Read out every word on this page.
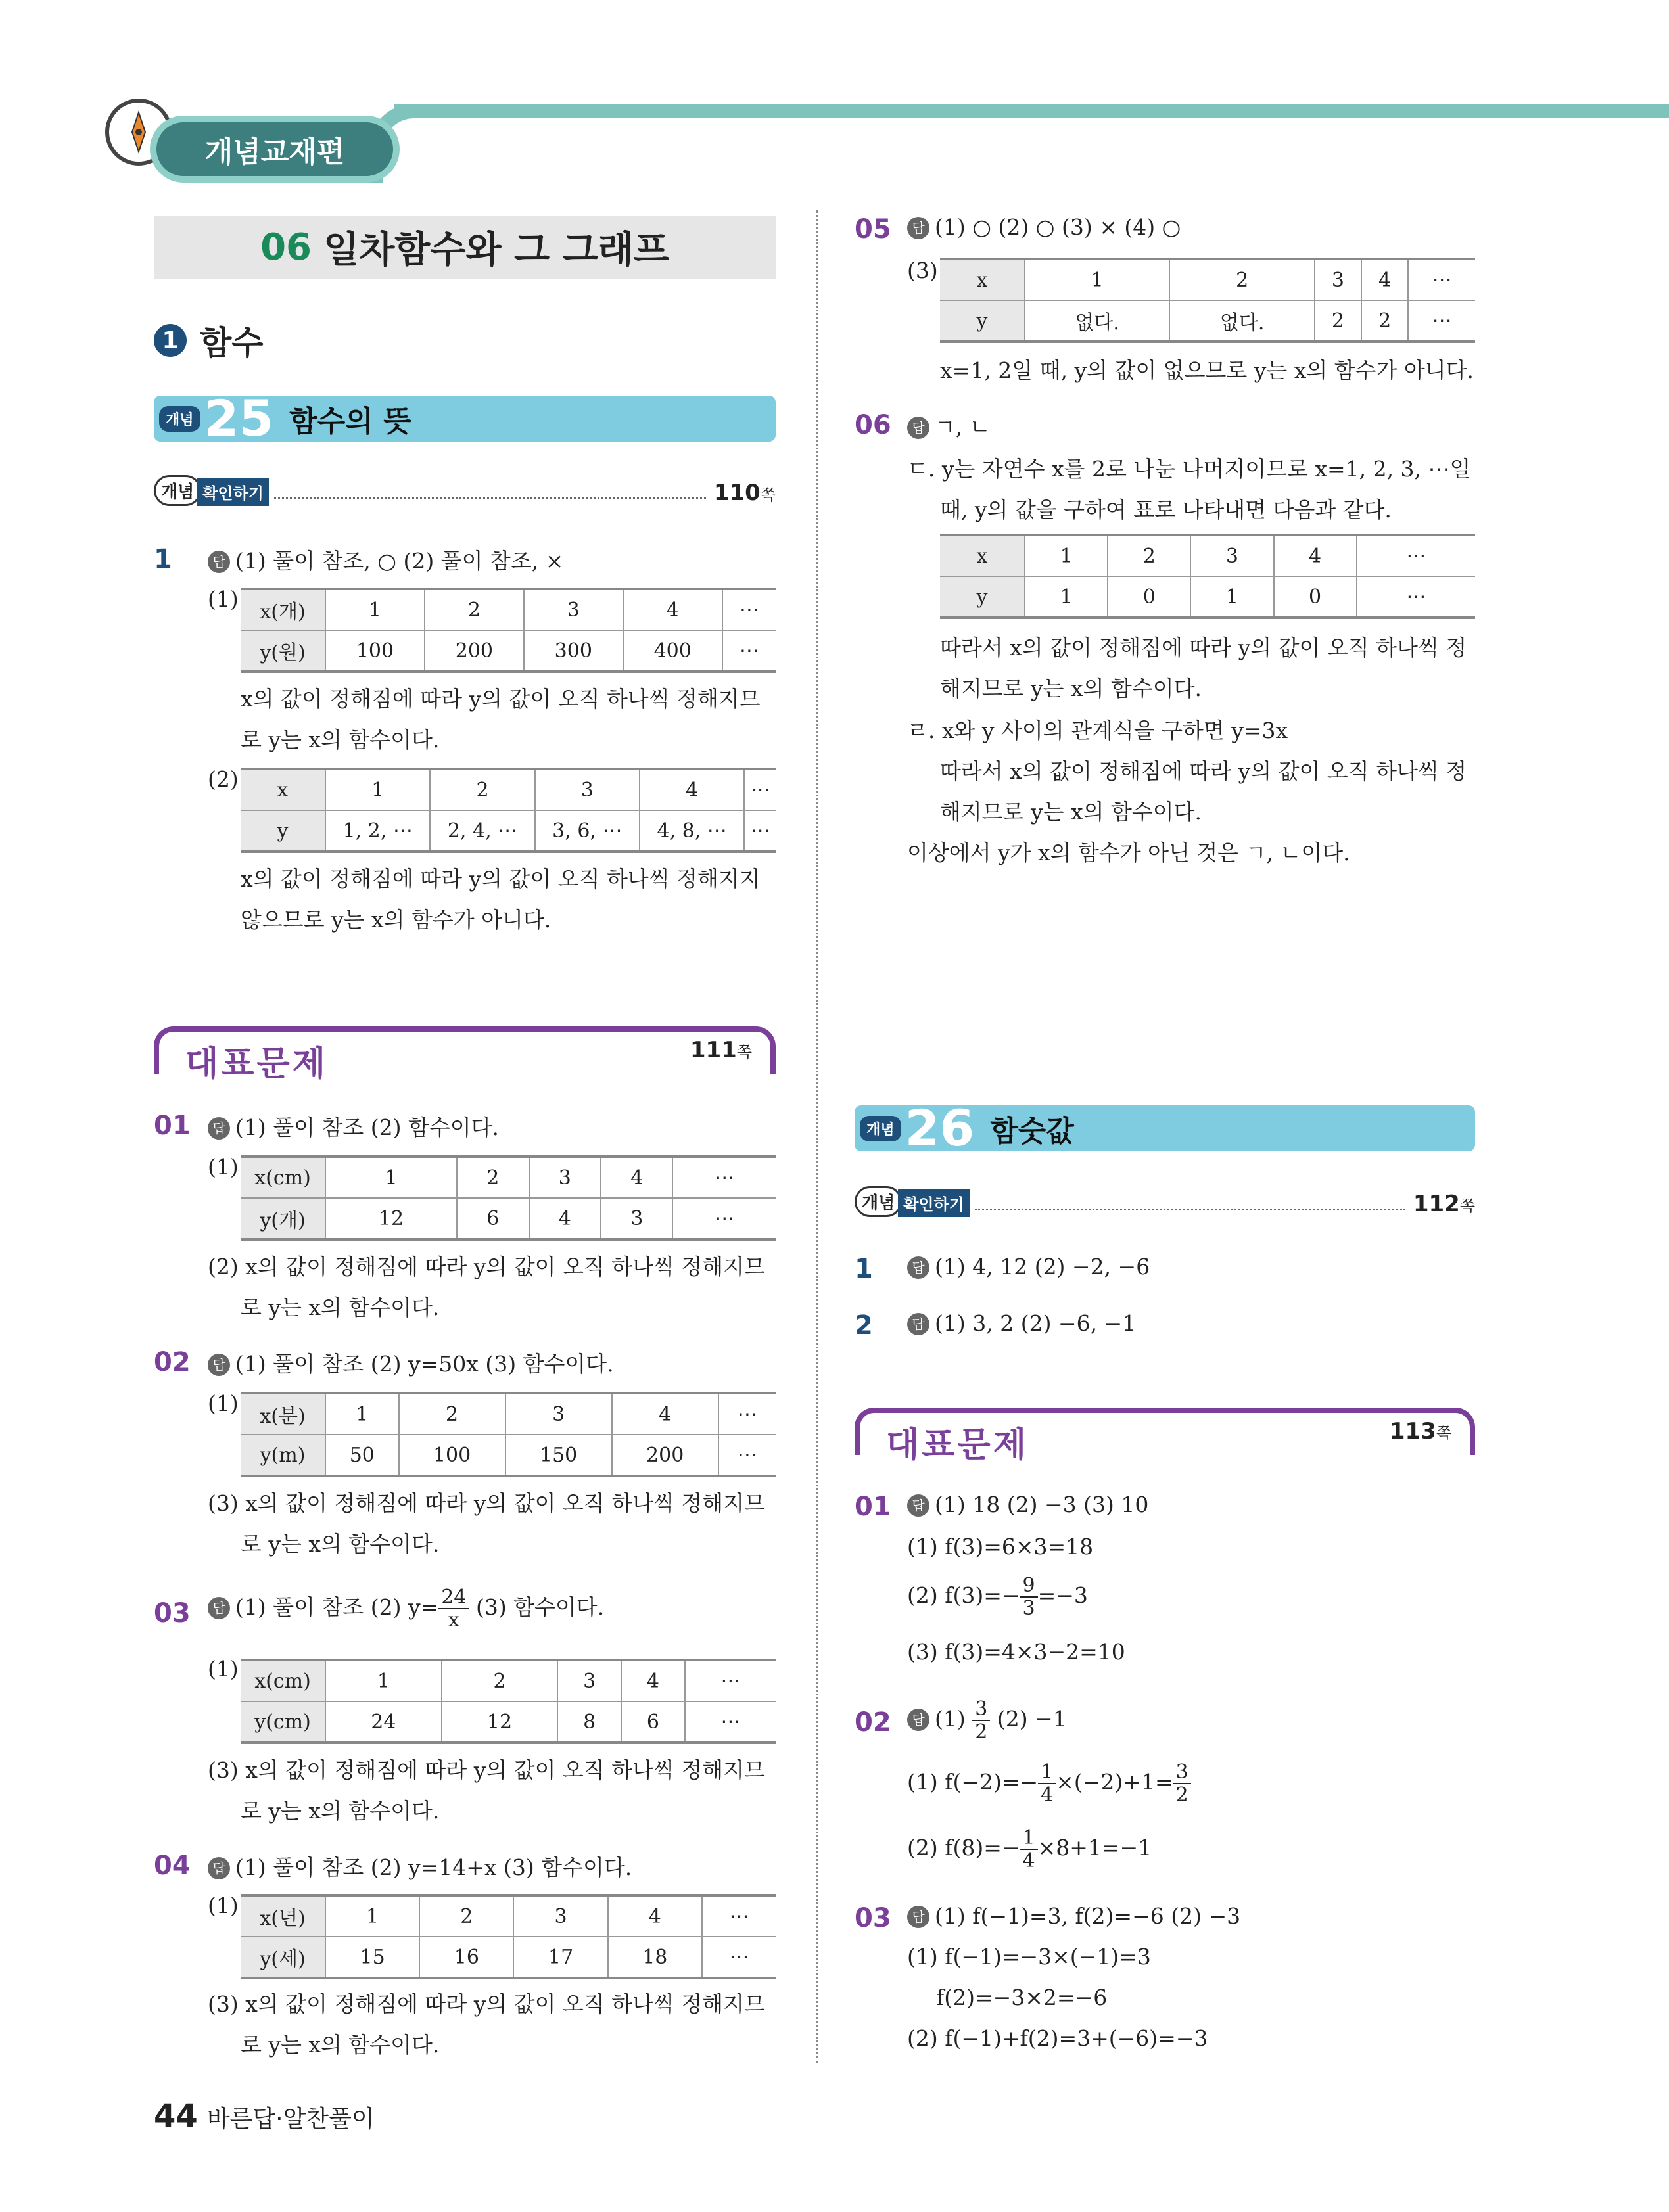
개념교재편
06 일차함수와 그 그래프
1 함수
개념 25 함수의 뜻
개념 확인하기	110쪽
1	답 (1) 풀이 참조, ○ (2) 풀이 참조, ×
(1)
x(개)	1	2	3	4	⋯
y(원)	100	200	300	400	⋯
x의 값이 정해짐에 따라 y의 값이 오직 하나씩 정해지므
로 y는 x의 함수이다.
(2) x	1	2	3	4	⋯
y	1, 2, ⋯	2, 4, ⋯	3, 6, ⋯	4, 8, ⋯	⋯
x의 값이 정해짐에 따라 y의 값이 오직 하나씩 정해지지
않으므로 y는 x의 함수가 아니다.
대표문제	111쪽
01	답 (1) 풀이 참조 (2) 함수이다.
(1) x(cm)	1	2	3	4	⋯
y(개)	12	6	4	3	⋯
(2) x의 값이 정해짐에 따라 y의 값이 오직 하나씩 정해지므
로 y는 x의 함수이다.
02	답 (1) 풀이 참조 (2) y=50x (3) 함수이다.
(1)
x(분)	1	2	3	4	⋯
y(m)	50	100	150	200	⋯
(3) x의 값이 정해짐에 따라 y의 값이 오직 하나씩 정해지므
로 y는 x의 함수이다.
03	답 (1) 풀이 참조 (2) $y= \frac{24}{x} (3)$ 함수이다.
(1) x(cm)	1	2	3	4	⋯
y(cm)	24	12	8	6	⋯
(3) x의 값이 정해짐에 따라 y의 값이 오직 하나씩 정해지므
로 y는 x의 함수이다.
04	답 (1) 풀이 참조 (2) y=14+x (3) 함수이다.
(1)
x(년)	1	2	3	4	⋯
y(세)	15	16	17	18	⋯
(3) x의 값이 정해짐에 따라 y의 값이 오직 하나씩 정해지므
로 y는 x의 함수이다.
05	답 (1) ○ (2) ○ (3) × (4) ○
(3) x	1	2	3	4	⋯
y	없다.	없다.	2	2	⋯
x=1, 2일 때, y의 값이 없으므로 y는 x의 함수가 아니다.
06	답 ㄱ, ㄴ
ㄷ. y는 자연수 x를 2로 나눈 나머지이므로 x=1, 2, 3, ⋯일
때, y의 값을 구하여 표로 나타내면 다음과 같다.
x	1	2	3	4	⋯
y	1	0	1	0	⋯
따라서 x의 값이 정해짐에 따라 y의 값이 오직 하나씩 정
해지므로 y는 x의 함수이다.
ㄹ. x와 y 사이의 관계식을 구하면 y=3x
따라서 x의 값이 정해짐에 따라 y의 값이 오직 하나씩 정
해지므로 y는 x의 함수이다.
이상에서 y가 x의 함수가 아닌 것은 ㄱ, ㄴ이다.
개념 26 함숫값
개념 확인하기	112쪽
1	답 (1) 4, 12 (2) −2, −6
2	답 (1) 3, 2 (2) −6, −1
대표문제	113쪽
01	답 (1) 18 (2) −3 (3) 10
(1) f(3)=6×3=18
(2) $f(3)=- \frac{9}{3} =-3$
(3) f(3)=4×3−2=10
02	답 $(1) \frac{3}{2} (2) -1$
(1) $f(-2)=- \frac{1}{4} \times(-2)+1= \frac{3}{2}$
(2) $f(8)=- \frac{1}{4} \times 8+1=-1$
03	답 (1) f(−1)=3, f(2)=−6 (2) −3
(1) f(−1)=−3×(−1)=3
f(2)=−3×2=−6
(2) f(−1)+f(2)=3+(−6)=−3
44 바른답·알찬풀이
